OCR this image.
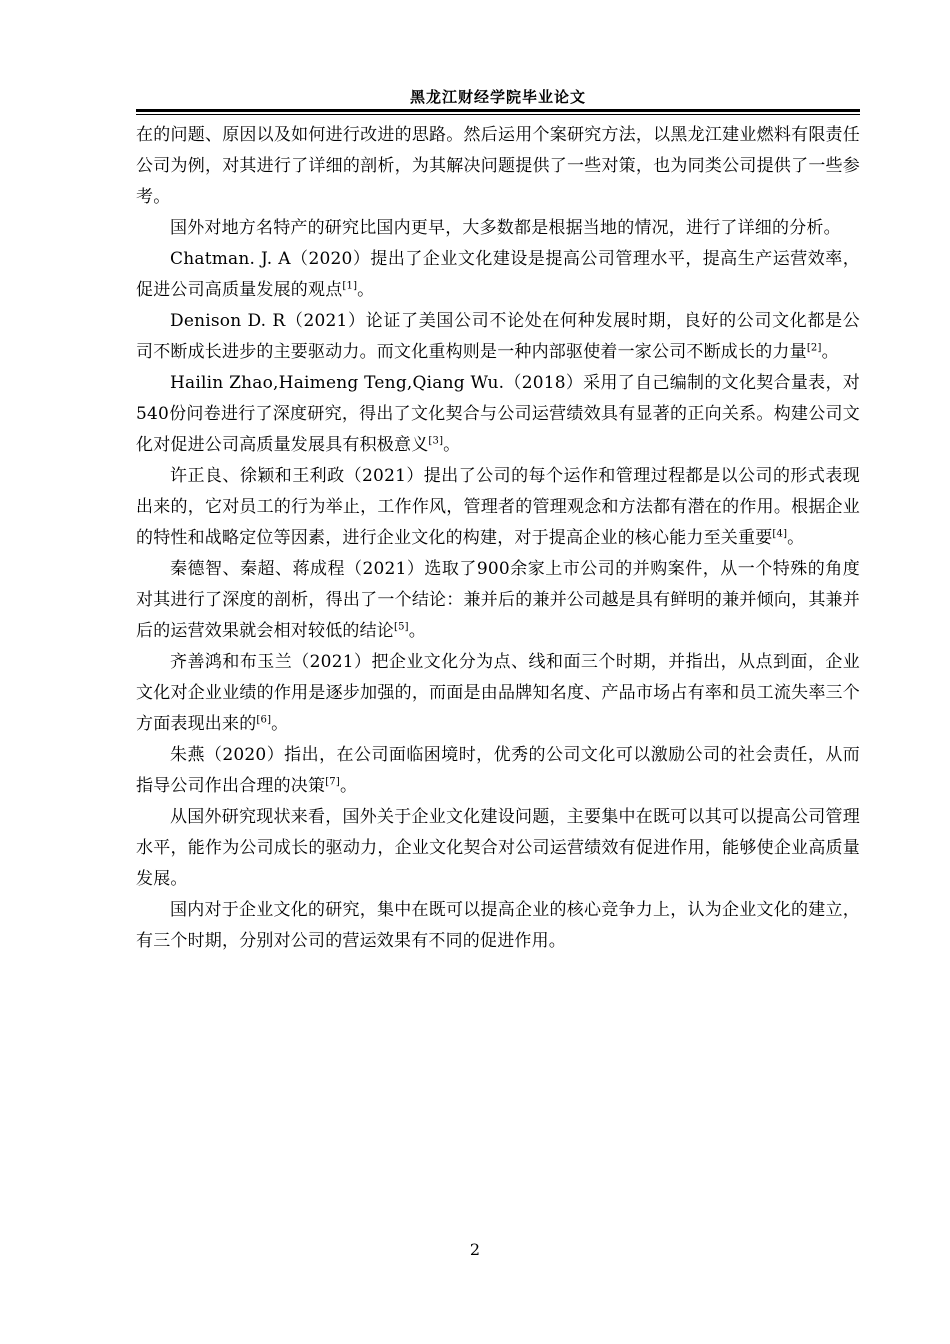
黑龙江财经学院毕业论文

在的问题、原因以及如何进行改进的思路。然后运用个案研究方法，以黑龙江建业燃料有限责任公司为例，对其进行了详细的剖析，为其解决问题提供了一些对策，也为同类公司提供了一些参考。

国外对地方名特产的研究比国内更早，大多数都是根据当地的情况，进行了详细的分析。

Chatman. J. A（2020）提出了企业文化建设是提高公司管理水平，提高生产运营效率，促进公司高质量发展的观点[1]。

Denison D. R（2021）论证了美国公司不论处在何种发展时期，良好的公司文化都是公司不断成长进步的主要驱动力。而文化重构则是一种内部驱使着一家公司不断成长的力量[2]。

Hailin Zhao,Haimeng Teng,Qiang Wu.（2018）采用了自己编制的文化契合量表，对540份问卷进行了深度研究，得出了文化契合与公司运营绩效具有显著的正向关系。构建公司文化对促进公司高质量发展具有积极意义[3]。

许正良、徐颖和王利政（2021）提出了公司的每个运作和管理过程都是以公司的形式表现出来的，它对员工的行为举止，工作作风，管理者的管理观念和方法都有潜在的作用。根据企业的特性和战略定位等因素，进行企业文化的构建，对于提高企业的核心能力至关重要[4]。

秦德智、秦超、蒋成程（2021）选取了900余家上市公司的并购案件，从一个特殊的角度对其进行了深度的剖析，得出了一个结论：兼并后的兼并公司越是具有鲜明的兼并倾向，其兼并后的运营效果就会相对较低的结论[5]。

齐善鸿和布玉兰（2021）把企业文化分为点、线和面三个时期，并指出，从点到面，企业文化对企业业绩的作用是逐步加强的，而面是由品牌知名度、产品市场占有率和员工流失率三个方面表现出来的[6]。

朱燕（2020）指出，在公司面临困境时，优秀的公司文化可以激励公司的社会责任，从而指导公司作出合理的决策[7]。

从国外研究现状来看，国外关于企业文化建设问题，主要集中在既可以其可以提高公司管理水平，能作为公司成长的驱动力，企业文化契合对公司运营绩效有促进作用，能够使企业高质量发展。

国内对于企业文化的研究，集中在既可以提高企业的核心竞争力上，认为企业文化的建立，有三个时期，分别对公司的营运效果有不同的促进作用。

2
